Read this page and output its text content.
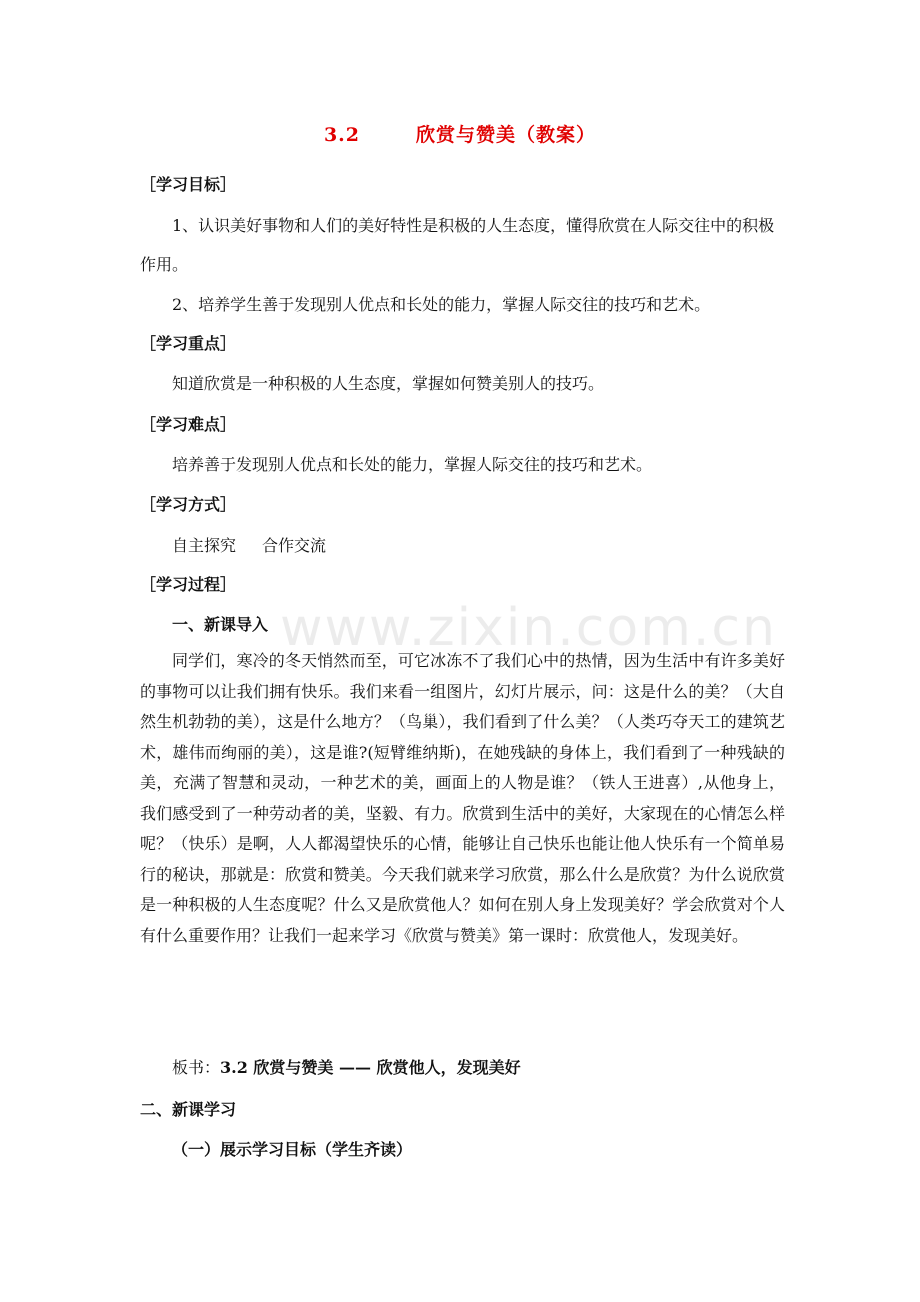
3.2	欣赏与赞美（教案）
［学习目标］
1、认识美好事物和人们的美好特性是积极的人生态度，懂得欣赏在人际交往中的积极
作用。
2、培养学生善于发现别人优点和长处的能力，掌握人际交往的技巧和艺术。
［学习重点］
知道欣赏是一种积极的人生态度，掌握如何赞美别人的技巧。
［学习难点］
培养善于发现别人优点和长处的能力，掌握人际交往的技巧和艺术。
［学习方式］
自主探究 合作交流
［学习过程］
一、新课导入 www.zixin.com.cn
同学们，寒冷的冬天悄然而至，可它冰冻不了我们心中的热情，因为生活中有许多美好的事物可以让我们拥有快乐。我们来看一组图片，幻灯片展示，问：这是什么的美？（大自然生机勃勃的美），这是什么地方？（鸟巢），我们看到了什么美？（人类巧夺天工的建筑艺术，雄伟而绚丽的美），这是谁?(短臂维纳斯)，在她残缺的身体上，我们看到了一种残缺的美，充满了智慧和灵动，一种艺术的美，画面上的人物是谁？（铁人王进喜）,从他身上，我们感受到了一种劳动者的美，坚毅、有力。欣赏到生活中的美好，大家现在的心情怎么样呢？（快乐）是啊，人人都渴望快乐的心情，能够让自己快乐也能让他人快乐有一个简单易行的秘诀，那就是：欣赏和赞美。今天我们就来学习欣赏，那么什么是欣赏？为什么说欣赏是一种积极的人生态度呢？什么又是欣赏他人？如何在别人身上发现美好？学会欣赏对个人有什么重要作用？让我们一起来学习《欣赏与赞美》第一课时：欣赏他人，发现美好。
板书：3.2 欣赏与赞美 —— 欣赏他人，发现美好
二、新课学习
（一）展示学习目标（学生齐读）
